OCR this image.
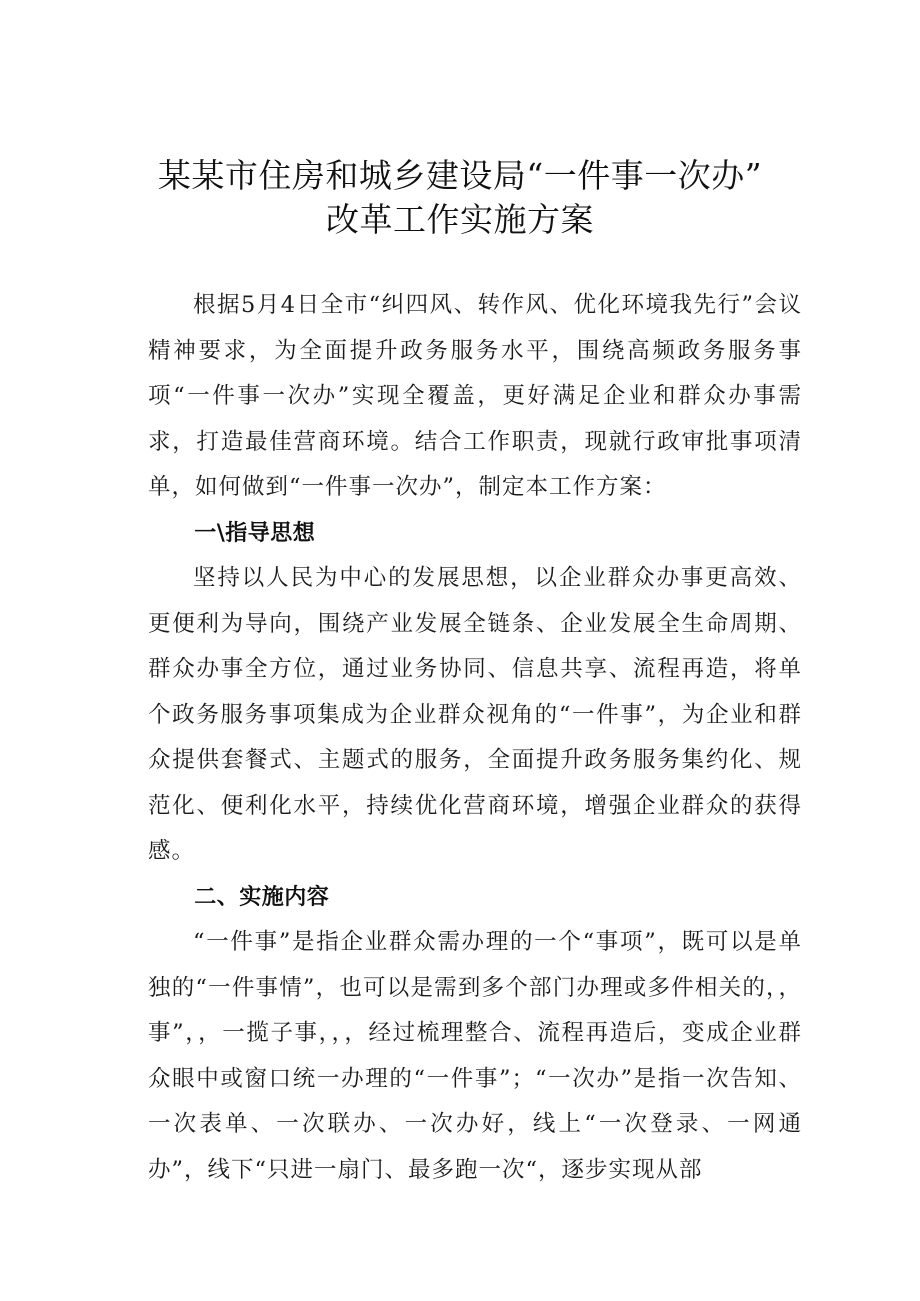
某某市住房和城乡建设局“一件事一次办”
改革工作实施方案

根据5月4日全市“纠四风、转作风、优化环境我先行”会议精神要求，为全面提升政务服务水平，围绕高频政务服务事项“一件事一次办”实现全覆盖，更好满足企业和群众办事需求，打造最佳营商环境。结合工作职责，现就行政审批事项清单，如何做到“一件事一次办”，制定本工作方案：

一\指导思想

坚持以人民为中心的发展思想，以企业群众办事更高效、更便利为导向，围绕产业发展全链条、企业发展全生命周期、群众办事全方位，通过业务协同、信息共享、流程再造，将单个政务服务事项集成为企业群众视角的“一件事”，为企业和群众提供套餐式、主题式的服务，全面提升政务服务集约化、规范化、便利化水平，持续优化营商环境，增强企业群众的获得感。

二、实施内容

“一件事”是指企业群众需办理的一个“事项”，既可以是单独的“一件事情”，也可以是需到多个部门办理或多件相关的，，事”，，一揽子事，，，经过梳理整合、流程再造后，变成企业群众眼中或窗口统一办理的“一件事”；“一次办”是指一次告知、一次表单、一次联办、一次办好，线上“一次登录、一网通办”，线下“只进一扇门、最多跑一次“，逐步实现从部
